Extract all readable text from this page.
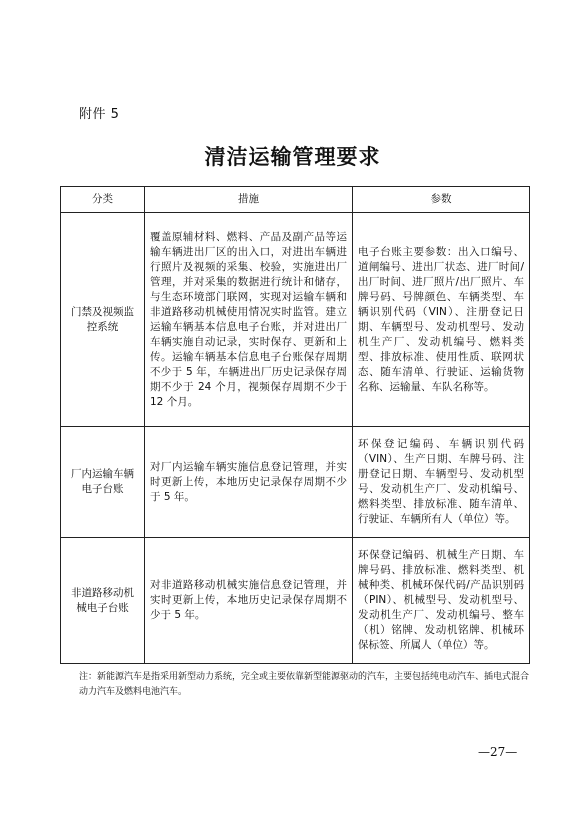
附件 5
清洁运输管理要求
分类	措施	参数
门禁及视频监控系统	覆盖原辅材料、燃料、产品及副产品等运输车辆进出厂区的出入口，对进出车辆进行照片及视频的采集、校验，实施进出厂管理，并对采集的数据进行统计和储存，与生态环境部门联网，实现对运输车辆和非道路移动机械使用情况实时监管。建立运输车辆基本信息电子台账，并对进出厂车辆实施自动记录，实时保存、更新和上传。运输车辆基本信息电子台账保存周期不少于 5 年，车辆进出厂历史记录保存周期不少于 24 个月，视频保存周期不少于 12 个月。	电子台账主要参数：出入口编号、道闸编号、进出厂状态、进厂时间/出厂时间、进厂照片/出厂照片、车牌号码、号牌颜色、车辆类型、车辆识别代码（VIN）、注册登记日期、车辆型号、发动机型号、发动机生产厂、发动机编号、燃料类型、排放标准、使用性质、联网状态、随车清单、行驶证、运输货物名称、运输量、车队名称等。
厂内运输车辆电子台账	对厂内运输车辆实施信息登记管理，并实时更新上传，本地历史记录保存周期不少于 5 年。	环保登记编码、车辆识别代码（VIN）、生产日期、车牌号码、注册登记日期、车辆型号、发动机型号、发动机生产厂、发动机编号、燃料类型、排放标准、随车清单、行驶证、车辆所有人（单位）等。
非道路移动机械电子台账	对非道路移动机械实施信息登记管理，并实时更新上传，本地历史记录保存周期不少于 5 年。	环保登记编码、机械生产日期、车牌号码、排放标准、燃料类型、机械种类、机械环保代码/产品识别码（PIN）、机械型号、发动机型号、发动机生产厂、发动机编号、整车（机）铭牌、发动机铭牌、机械环保标签、所属人（单位）等。
注：新能源汽车是指采用新型动力系统，完全或主要依靠新型能源驱动的汽车，主要包括纯电动汽车、插电式混合动力汽车及燃料电池汽车。
—27—
